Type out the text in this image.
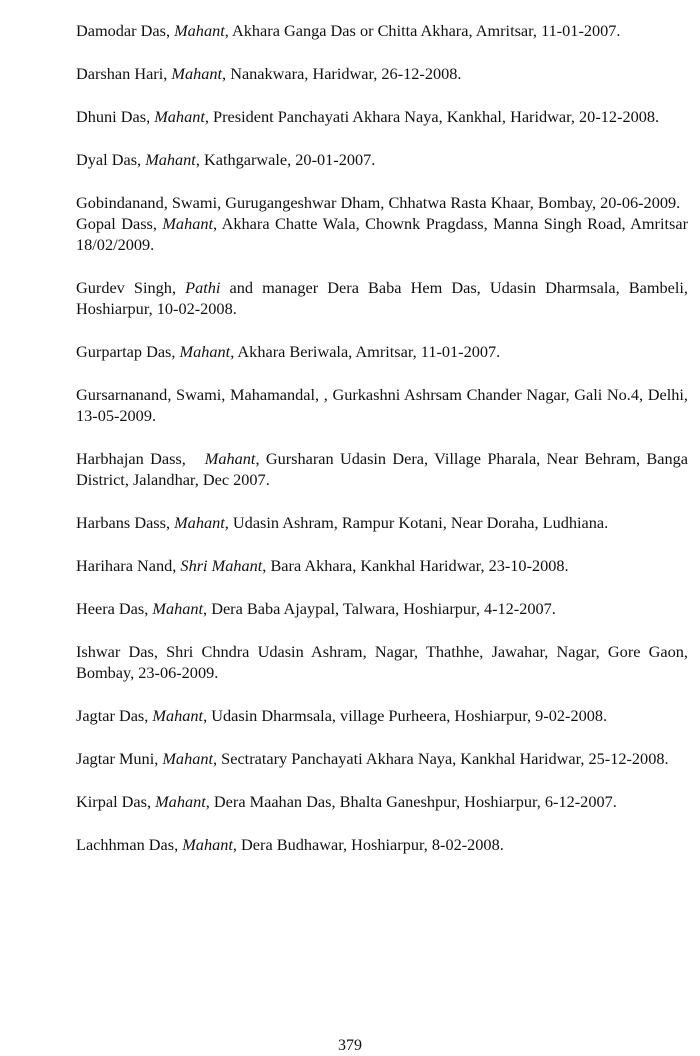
Damodar Das, Mahant, Akhara Ganga Das or Chitta Akhara, Amritsar, 11-01-2007.

Darshan Hari, Mahant, Nanakwara, Haridwar, 26-12-2008.

Dhuni Das, Mahant, President Panchayati Akhara Naya, Kankhal, Haridwar, 20-12-2008.

Dyal Das, Mahant, Kathgarwale, 20-01-2007.

Gobindanand, Swami, Gurugangeshwar Dham, Chhatwa Rasta Khaar, Bombay, 20-06-2009.

Gopal Dass, Mahant, Akhara Chatte Wala, Chownk Pragdass, Manna Singh Road, Amritsar 18/02/2009.

Gurdev Singh, Pathi and manager Dera Baba Hem Das, Udasin Dharmsala, Bambeli, Hoshiarpur, 10-02-2008.

Gurpartap Das, Mahant, Akhara Beriwala, Amritsar, 11-01-2007.

Gursarnanand, Swami, Mahamandal, , Gurkashni Ashrsam Chander Nagar, Gali No.4, Delhi, 13-05-2009.

Harbhajan Dass,   Mahant, Gursharan Udasin Dera, Village Pharala, Near Behram, Banga District, Jalandhar, Dec 2007.

Harbans Dass, Mahant, Udasin Ashram, Rampur Kotani, Near Doraha, Ludhiana.

Harihara Nand, Shri Mahant, Bara Akhara, Kankhal Haridwar, 23-10-2008.

Heera Das, Mahant, Dera Baba Ajaypal, Talwara, Hoshiarpur, 4-12-2007.

Ishwar Das, Shri Chndra Udasin Ashram, Nagar, Thathhe, Jawahar, Nagar, Gore Gaon, Bombay, 23-06-2009.

Jagtar Das, Mahant, Udasin Dharmsala, village Purheera, Hoshiarpur, 9-02-2008.

Jagtar Muni, Mahant, Sectratary Panchayati Akhara Naya, Kankhal Haridwar, 25-12-2008.

Kirpal Das, Mahant, Dera Maahan Das, Bhalta Ganeshpur, Hoshiarpur, 6-12-2007.

Lachhman Das, Mahant, Dera Budhawar, Hoshiarpur, 8-02-2008.

379
